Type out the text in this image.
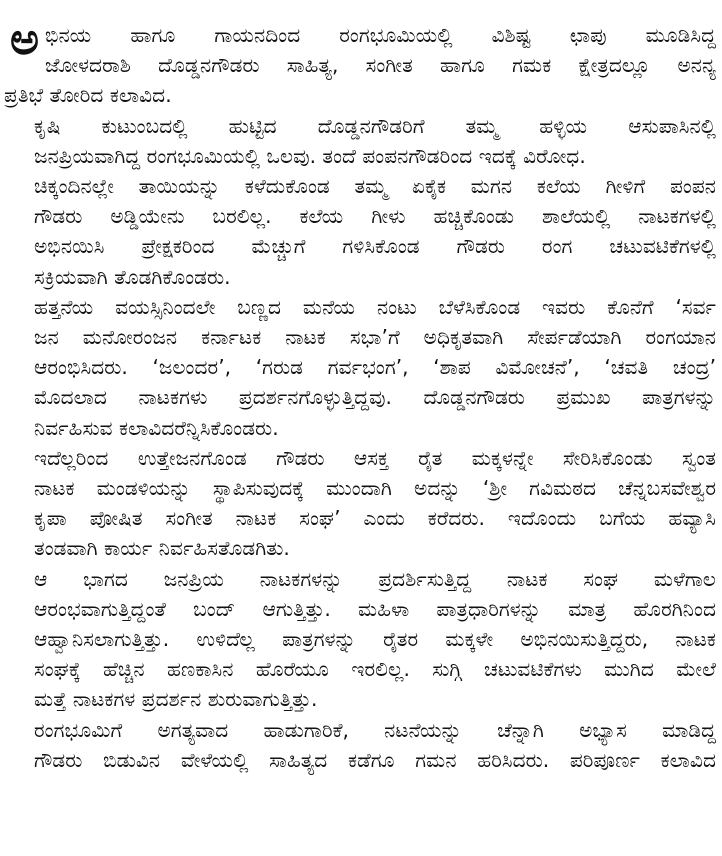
ಅ ಭಿನಯ ಹಾಗೂ ಗಾಯನದಿಂದ ರಂಗಭೂಮಿಯಲ್ಲಿ ವಿಶಿಷ್ಟ ಛಾಪು ಮೂಡಿಸಿದ್ದ
ಜೋಳದರಾಶಿ ದೊಡ್ಡನಗೌಡರು ಸಾಹಿತ್ಯ, ಸಂಗೀತ ಹಾಗೂ ಗಮಕ ಕ್ಷೇತ್ರದಲ್ಲೂ ಅನನ್ಯ
ಪ್ರತಿಭೆ ತೋರಿದ ಕಲಾವಿದ.

ಕೃಷಿ ಕುಟುಂಬದಲ್ಲಿ ಹುಟ್ಟಿದ ದೊಡ್ಡನಗೌಡರಿಗೆ ತಮ್ಮ ಹಳ್ಳಿಯ ಆಸುಪಾಸಿನಲ್ಲಿ
ಜನಪ್ರಿಯವಾಗಿದ್ದ ರಂಗಭೂಮಿಯಲ್ಲಿ ಒಲವು. ತಂದೆ ಪಂಪನಗೌಡರಿಂದ ಇದಕ್ಕೆ ವಿರೋಧ.

ಚಿಕ್ಕಂದಿನಲ್ಲೇ ತಾಯಿಯನ್ನು ಕಳೆದುಕೊಂಡ ತಮ್ಮ ಏಕೈಕ ಮಗನ ಕಲೆಯ ಗೀಳಿಗೆ ಪಂಪನ
ಗೌಡರು ಅಡ್ಡಿಯೇನು ಬರಲಿಲ್ಲ. ಕಲೆಯ ಗೀಳು ಹಚ್ಚಿಕೊಂಡು ಶಾಲೆಯಲ್ಲಿ ನಾಟಕಗಳಲ್ಲಿ
ಅಭಿನಯಿಸಿ ಪ್ರೇಕ್ಷಕರಿಂದ ಮೆಚ್ಚುಗೆ ಗಳಿಸಿಕೊಂಡ ಗೌಡರು ರಂಗ ಚಟುವಟಿಕೆಗಳಲ್ಲಿ
ಸಕ್ರಿಯವಾಗಿ ತೊಡಗಿಕೊಂಡರು.

ಹತ್ತನೆಯ ವಯಸ್ಸಿನಿಂದಲೇ ಬಣ್ಣದ ಮನೆಯ ನಂಟು ಬೆಳೆಸಿಕೊಂಡ ಇವರು ಕೊನೆಗೆ ‘ಸರ್ವ
ಜನ ಮನೋರಂಜನ ಕರ್ನಾಟಕ ನಾಟಕ ಸಭಾ’ಗೆ ಅಧಿಕೃತವಾಗಿ ಸೇರ್ಪಡೆಯಾಗಿ ರಂಗಯಾನ
ಆರಂಭಿಸಿದರು. ‘ಜಲಂದರ’, ‘ಗರುಡ ಗರ್ವಭಂಗ’, ‘ಶಾಪ ವಿಮೋಚನೆ’, ‘ಚವತಿ ಚಂದ್ರ’
ಮೊದಲಾದ ನಾಟಕಗಳು ಪ್ರದರ್ಶನಗೊಳ್ಳುತ್ತಿದ್ದವು. ದೊಡ್ಡನಗೌಡರು ಪ್ರಮುಖ ಪಾತ್ರಗಳನ್ನು
ನಿರ್ವಹಿಸುವ ಕಲಾವಿದರೆನ್ನಿಸಿಕೊಂಡರು.

ಇದೆಲ್ಲರಿಂದ ಉತ್ತೇಜನಗೊಂಡ ಗೌಡರು ಆಸಕ್ತ ರೈತ ಮಕ್ಕಳನ್ನೇ ಸೇರಿಸಿಕೊಂಡು ಸ್ವಂತ
ನಾಟಕ ಮಂಡಳಿಯನ್ನು ಸ್ಥಾಪಿಸುವುದಕ್ಕೆ ಮುಂದಾಗಿ ಅದನ್ನು ‘ಶ್ರೀ ಗವಿಮಠದ ಚೆನ್ನಬಸವೇಶ್ವರ
ಕೃಪಾ ಪೋಷಿತ ಸಂಗೀತ ನಾಟಕ ಸಂಘ’ ಎಂದು ಕರೆದರು. ಇದೊಂದು ಬಗೆಯ ಹವ್ಯಾಸಿ
ತಂಡವಾಗಿ ಕಾರ್ಯ ನಿರ್ವಹಿಸತೊಡಗಿತು.

ಆ ಭಾಗದ ಜನಪ್ರಿಯ ನಾಟಕಗಳನ್ನು ಪ್ರದರ್ಶಿಸುತ್ತಿದ್ದ ನಾಟಕ ಸಂಘ ಮಳೆಗಾಲ
ಆರಂಭವಾಗುತ್ತಿದ್ದಂತೆ ಬಂದ್ ಆಗುತ್ತಿತ್ತು. ಮಹಿಳಾ ಪಾತ್ರಧಾರಿಗಳನ್ನು ಮಾತ್ರ ಹೊರಗಿನಿಂದ
ಆಹ್ವಾನಿಸಲಾಗುತ್ತಿತ್ತು. ಉಳಿದೆಲ್ಲ ಪಾತ್ರಗಳನ್ನು ರೈತರ ಮಕ್ಕಳೇ ಅಭಿನಯಿಸುತ್ತಿದ್ದರು, ನಾಟಕ
ಸಂಘಕ್ಕೆ ಹೆಚ್ಚಿನ ಹಣಕಾಸಿನ ಹೊರೆಯೂ ಇರಲಿಲ್ಲ. ಸುಗ್ಗಿ ಚಟುವಟಿಕೆಗಳು ಮುಗಿದ ಮೇಲೆ
ಮತ್ತೆ ನಾಟಕಗಳ ಪ್ರದರ್ಶನ ಶುರುವಾಗುತ್ತಿತ್ತು.

ರಂಗಭೂಮಿಗೆ ಅಗತ್ಯವಾದ ಹಾಡುಗಾರಿಕೆ, ನಟನೆಯನ್ನು ಚೆನ್ನಾಗಿ ಅಭ್ಯಾಸ ಮಾಡಿದ್ದ
ಗೌಡರು ಬಿಡುವಿನ ವೇಳೆಯಲ್ಲಿ ಸಾಹಿತ್ಯದ ಕಡೆಗೂ ಗಮನ ಹರಿಸಿದರು. ಪರಿಪೂರ್ಣ ಕಲಾವಿದ
